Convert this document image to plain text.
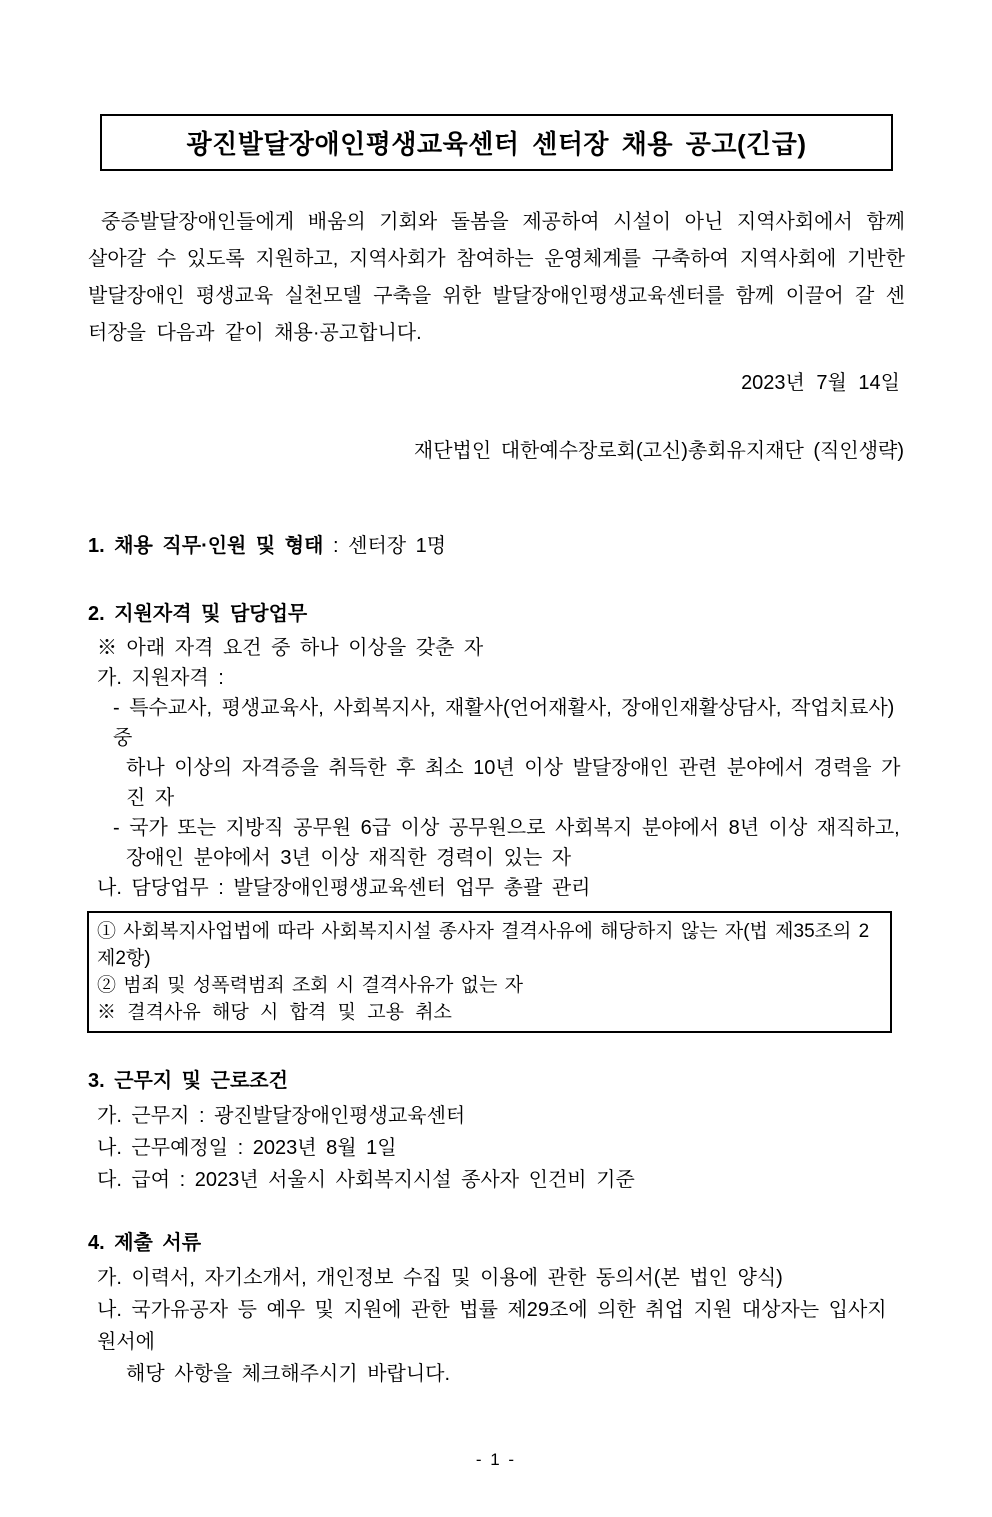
광진발달장애인평생교육센터 센터장 채용 공고(긴급)

중증발달장애인들에게 배움의 기회와 돌봄을 제공하여 시설이 아닌 지역사회에서 함께 살아갈 수 있도록 지원하고, 지역사회가 참여하는 운영체계를 구축하여 지역사회에 기반한 발달장애인 평생교육 실천모델 구축을 위한 발달장애인평생교육센터를 함께 이끌어 갈 센터장을 다음과 같이 채용·공고합니다.

2023년 7월 14일
재단법인 대한예수장로회(고신)총회유지재단 (직인생략)
1. 채용 직무·인원 및 형태 : 센터장 1명
2. 지원자격 및 담당업무
※ 아래 자격 요건 중 하나 이상을 갖춘 자
가. 지원자격 :
- 특수교사, 평생교육사, 사회복지사, 재활사(언어재활사, 장애인재활상담사, 작업치료사) 중
하나 이상의 자격증을 취득한 후 최소 10년 이상 발달장애인 관련 분야에서 경력을 가진 자
- 국가 또는 지방직 공무원 6급 이상 공무원으로 사회복지 분야에서 8년 이상 재직하고,
장애인 분야에서 3년 이상 재직한 경력이 있는 자
나. 담당업무 : 발달장애인평생교육센터 업무 총괄 관리
① 사회복지사업법에 따라 사회복지시설 종사자 결격사유에 해당하지 않는 자(법 제35조의 2 제2항)
② 범죄 및 성폭력범죄 조회 시 결격사유가 없는 자
※ 결격사유 해당 시 합격 및 고용 취소
3. 근무지 및 근로조건
가. 근무지 : 광진발달장애인평생교육센터
나. 근무예정일 : 2023년 8월 1일
다. 급여 : 2023년 서울시 사회복지시설 종사자 인건비 기준
4. 제출 서류
가. 이력서, 자기소개서, 개인정보 수집 및 이용에 관한 동의서(본 법인 양식)
나. 국가유공자 등 예우 및 지원에 관한 법률 제29조에 의한 취업 지원 대상자는 입사지원서에
해당 사항을 체크해주시기 바랍니다.
- 1 -
